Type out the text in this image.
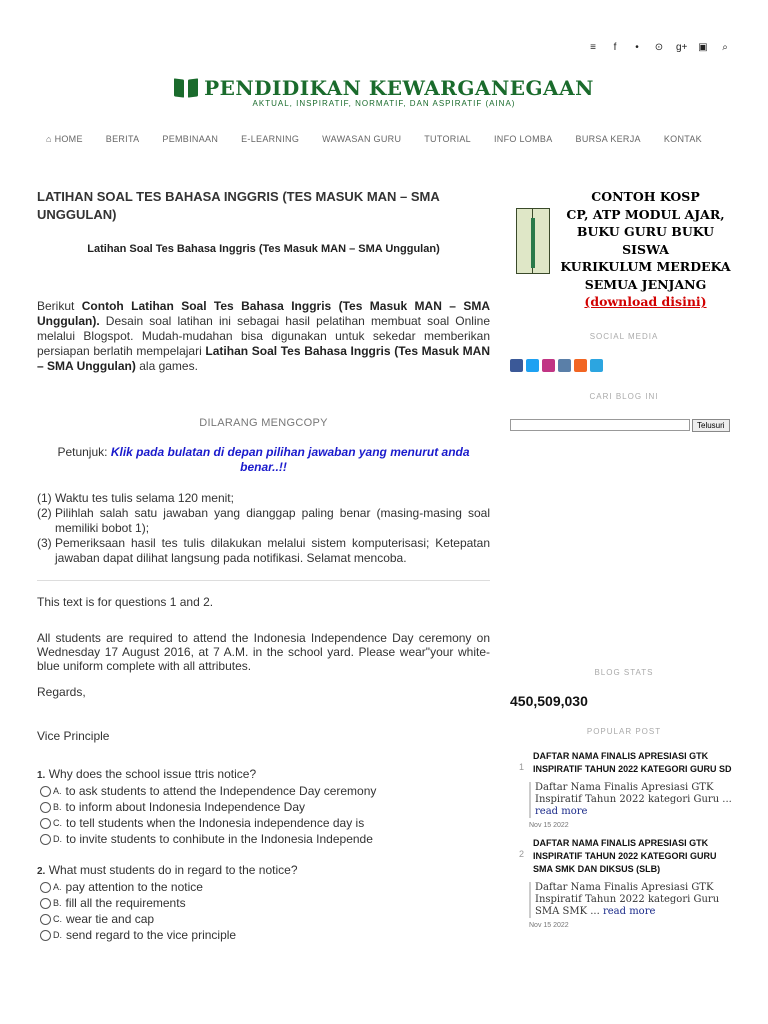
≡	f	•	⊙ g+ ▣ ⌕
PENDIDIKAN KEWARGANEGAAN
AKTUAL, INSPIRATIF, NORMATIF, DAN ASPIRATIF (AINA)
⌂ HOME	BERITA	PEMBINAAN	E-LEARNING	WAWASAN GURU	TUTORIAL	INFO LOMBA	BURSA KERJA	KONTAK
LATIHAN SOAL TES BAHASA INGGRIS (TES MASUK MAN – SMA UNGGULAN)
Latihan Soal Tes Bahasa Inggris (Tes Masuk MAN – SMA Unggulan)

Berikut Contoh Latihan Soal Tes Bahasa Inggris (Tes Masuk MAN – SMA Unggulan). Desain soal latihan ini sebagai hasil pelatihan membuat soal Online melalui Blogspot. Mudah-mudahan bisa digunakan untuk sekedar memberikan persiapan berlatih mempelajari Latihan Soal Tes Bahasa Inggris (Tes Masuk MAN – SMA Unggulan) ala games.

DILARANG MENGCOPY
Petunjuk: Klik pada bulatan di depan pilihan jawaban yang menurut anda benar..!!
(1) Waktu tes tulis selama 120 menit;
(2) Pilihlah salah satu jawaban yang dianggap paling benar (masing-masing soal memiliki bobot 1);
(3) Pemeriksaan hasil tes tulis dilakukan melalui sistem komputerisasi; Ketepatan jawaban dapat dilihat langsung pada notifikasi. Selamat mencoba.

This text is for questions 1 and 2.

All students are required to attend the Indonesia Independence Day ceremony on Wednesday 17 August 2016, at 7 A.M. in the school yard. Please wear"your white-blue uniform complete with all attributes.

Regards,

Vice Principle

1. Why does the school issue ttris notice?

A. to ask students to attend the Independence Day ceremony
B. to inform about Indonesia Independence Day
C. to tell students when the Indonesia independence day is
D. to invite students to conhibute in the Indonesia Independe

2. What must students do in regard to the notice?

A. pay attention to the notice
B. fill all the requirements
C. wear tie and cap
D. send regard to the vice principle
CONTOH KOSP
CP, ATP MODUL AJAR,
BUKU GURU BUKU SISWA
KURIKULUM MERDEKA
SEMUA JENJANG
(download disini)
SOCIAL MEDIA
CARI BLOG INI
Telusuri
BLOG STATS
450,509,030
POPULAR POST
1
DAFTAR NAMA FINALIS APRESIASI GTK INSPIRATIF TAHUN 2022 KATEGORI GURU SD
Daftar Nama Finalis Apresiasi GTK Inspiratif Tahun 2022 kategori Guru ... read more
Nov 15 2022
2
DAFTAR NAMA FINALIS APRESIASI GTK INSPIRATIF TAHUN 2022 KATEGORI GURU SMA SMK DAN DIKSUS (SLB)
Daftar Nama Finalis Apresiasi GTK Inspiratif Tahun 2022 kategori Guru SMA SMK ... read more
Nov 15 2022
